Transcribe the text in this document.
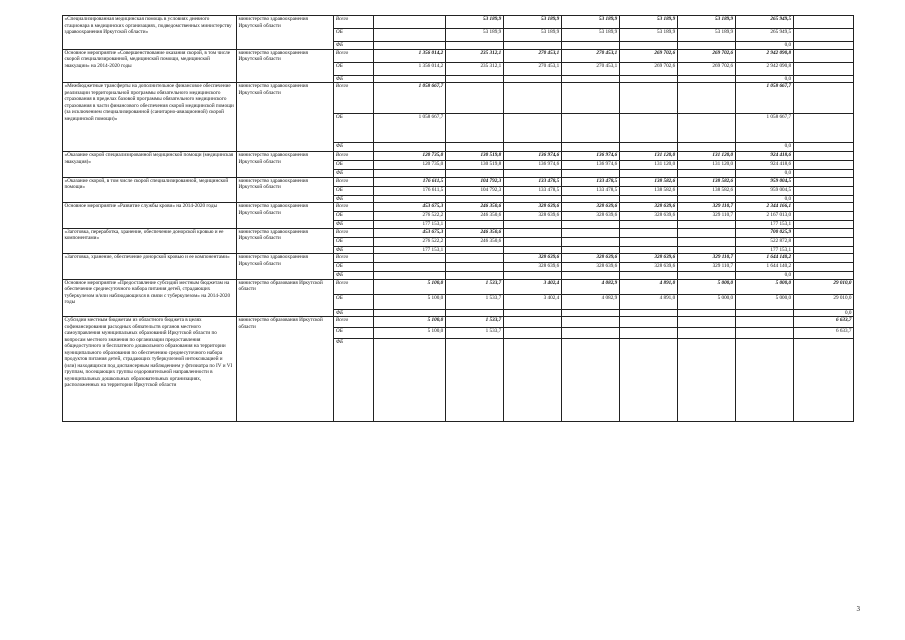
«Специализированная медицинская помощь в условиях дневного стационара в медицинских организациях, подведомственных министерству здравоохранения Иркутской области»	министерство здравоохранения Иркутской области	Всего		53 189,9	53 189,9	53 189,9	53 189,9	53 189,9	265 949,5	
		ОБ		53 189,9	53 189,9	53 189,9	53 189,9	53 189,9	265 949,5	
		ФБ							0,0	
Основное мероприятие «Совершенствование оказания скорой, в том числе скорой специализированной, медицинской помощи, медицинской эвакуации» на 2014-2020 годы	министерство здравоохранения Иркутской области	Всего	1 356 014,2	235 312,1	270 453,1	270 453,1	269 702,6	269 702,6	2 942 090,8	
		ОБ	1 356 014,2	235 312,1	270 453,1	270 453,1	269 702,6	269 702,6	2 942 090,8	
		ФБ							0,0	
«Межбюджетные трансферты на дополнительное финансовое обеспечение реализации территориальной программы обязательного медицинского страхования в пределах базовой программы обязательного медицинского страхования в части финансового обеспечения скорой медицинской помощи (за исключением специализированной (санитарно-авиационной) скорой медицинской помощи)»	министерство здравоохранения Иркутской области	Всего	1 058 667,7						1 058 667,7	
		ОБ	1 058 667,7						1 058 667,7	
		ФБ							0,0	
«Оказание скорой специализированной медицинской помощи (медицинская эвакуация)»	министерство здравоохранения Иркутской области	Всего	120 735,0	130 519,8	136 974,6	136 974,6	131 120,0	131 120,0	924 418,6	
		ОБ	120 735,0	130 519,8	136 974,6	136 974,6	131 120,0	131 120,0	924 418,6	
		ФБ							0,0	
«Оказание скорой, в том числе скорой специализированной, медицинской помощи»	министерство здравоохранения Иркутской области	Всего	176 611,5	104 792,3	133 478,5	133 478,5	138 582,6	138 582,6	959 004,5	
		ОБ	176 611,5	104 792,3	133 478,5	133 478,5	138 582,6	138 582,6	959 004,5	
		ФБ							0,0	
Основное мероприятие «Развитие службы крови» на 2014-2020 годы	министерство здравоохранения Иркутской области	Всего	453 675,3	246 350,6	328 639,6	328 639,6	328 639,6	329 110,7	2 344 166,1	
		ОБ	276 522,2	246 350,6	328 639,6	328 639,6	328 639,6	329 110,7	2 167 013,0	
		ФБ	177 153,1						177 153,1	
«Заготовка, переработка, хранение, обеспечение донорской кровью и ее компонентами»	министерство здравоохранения Иркутской области	Всего	453 675,3	246 350,6					700 025,9	
		ОБ	276 522,2	246 350,6					522 872,8	
		ФБ	177 153,1						177 153,1	
«Заготовка, хранение, обеспечение донорской кровью и ее компонентами»	министерство здравоохранения Иркутской области	Всего			328 639,6	328 639,6	328 639,6	329 110,7	1 644 140,2	
		ОБ			328 639,6	328 639,6	328 639,6	329 110,7	1 644 140,2	
		ФБ							0,0	
Основное мероприятие «Предоставление субсидий местным бюджетам на обеспечение среднесуточного набора питания детей, страдающих туберкулезом и/или наблюдающихся в связи с туберкулезом» на 2014-2020 годы	министерство образования Иркутской области	Всего	5 100,0	1 533,7	3 402,4	4 082,9	4 891,0	5 000,0	5 000,0	29 010,0
		ОБ	5 100,0	1 533,7	3 402,4	4 082,9	4 891,0	5 000,0	5 000,0	29 010,0
		ФБ								0,0
Субсидии местным бюджетам из областного бюджета в целях софинансирования расходных обязательств органов местного самоуправления муниципальных образований Иркутской области по вопросам местного значения по организации предоставления общедоступного и бесплатного дошкольного образования на территории муниципального образования по обеспечению среднесуточного набора продуктов питания детей, страдающих туберкулезной интоксикацией и (или) находящихся под диспансерным наблюдением у фтизиатра по IV и VI группам, посещающих группы оздоровительной направленности в муниципальных дошкольных образовательных организациях, расположенных на территории Иркутской области	министерство образования Иркутской области	Всего	5 100,0	1 533,7						6 633,7
		ОБ	5 100,0	1 533,7						6 633,7
		ФБ								
3
